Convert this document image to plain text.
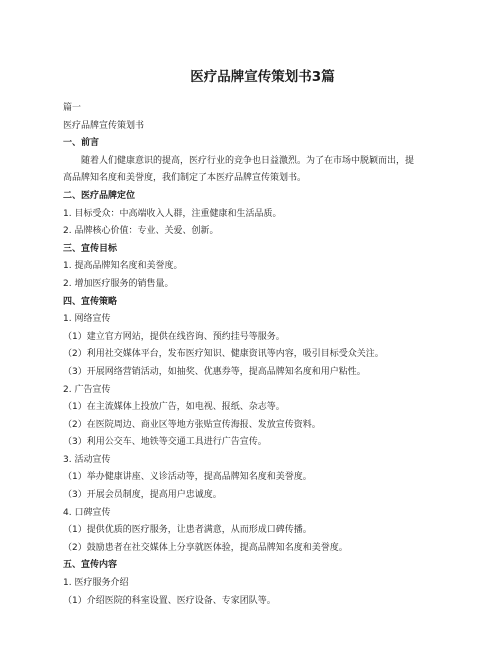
医疗品牌宣传策划书3篇
篇一
医疗品牌宣传策划书
一、前言

随着人们健康意识的提高，医疗行业的竞争也日益激烈。为了在市场中脱颖而出，提
高品牌知名度和美誉度，我们制定了本医疗品牌宣传策划书。

二、医疗品牌定位
1. 目标受众：中高端收入人群，注重健康和生活品质。
2. 品牌核心价值：专业、关爱、创新。
三、宣传目标
1. 提高品牌知名度和美誉度。
2. 增加医疗服务的销售量。
四、宣传策略
1. 网络宣传
（1）建立官方网站，提供在线咨询、预约挂号等服务。
（2）利用社交媒体平台，发布医疗知识、健康资讯等内容，吸引目标受众关注。
（3）开展网络营销活动，如抽奖、优惠券等，提高品牌知名度和用户粘性。
2. 广告宣传
（1）在主流媒体上投放广告，如电视、报纸、杂志等。
（2）在医院周边、商业区等地方张贴宣传海报、发放宣传资料。
（3）利用公交车、地铁等交通工具进行广告宣传。
3. 活动宣传
（1）举办健康讲座、义诊活动等，提高品牌知名度和美誉度。
（3）开展会员制度，提高用户忠诚度。
4. 口碑宣传
（1）提供优质的医疗服务，让患者满意，从而形成口碑传播。
（2）鼓励患者在社交媒体上分享就医体验，提高品牌知名度和美誉度。
五、宣传内容
1. 医疗服务介绍
（1）介绍医院的科室设置、医疗设备、专家团队等。
